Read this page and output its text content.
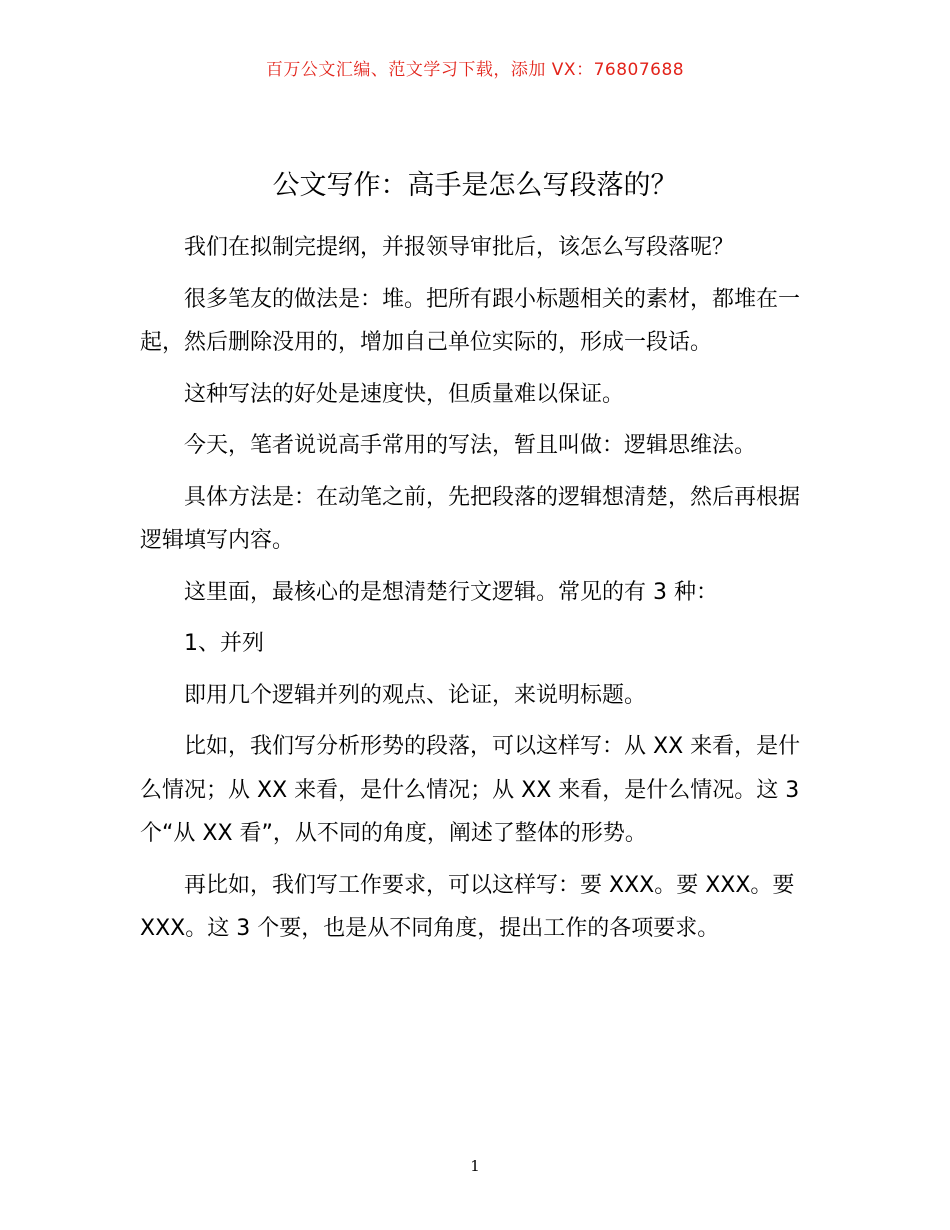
百万公文汇编、范文学习下载，添加 VX：76807688
公文写作：高手是怎么写段落的？

我们在拟制完提纲，并报领导审批后，该怎么写段落呢？

很多笔友的做法是：堆。把所有跟小标题相关的素材，都堆在一起，然后删除没用的，增加自己单位实际的，形成一段话。

这种写法的好处是速度快，但质量难以保证。

今天，笔者说说高手常用的写法，暂且叫做：逻辑思维法。

具体方法是：在动笔之前，先把段落的逻辑想清楚，然后再根据逻辑填写内容。

这里面，最核心的是想清楚行文逻辑。常见的有 3 种：

1、并列

即用几个逻辑并列的观点、论证，来说明标题。

比如，我们写分析形势的段落，可以这样写：从 XX 来看，是什么情况；从 XX 来看，是什么情况；从 XX 来看，是什么情况。这 3 个“从 XX 看”，从不同的角度，阐述了整体的形势。

再比如，我们写工作要求，可以这样写：要 XXX。要 XXX。要 XXX。这 3 个要，也是从不同角度，提出工作的各项要求。

1
